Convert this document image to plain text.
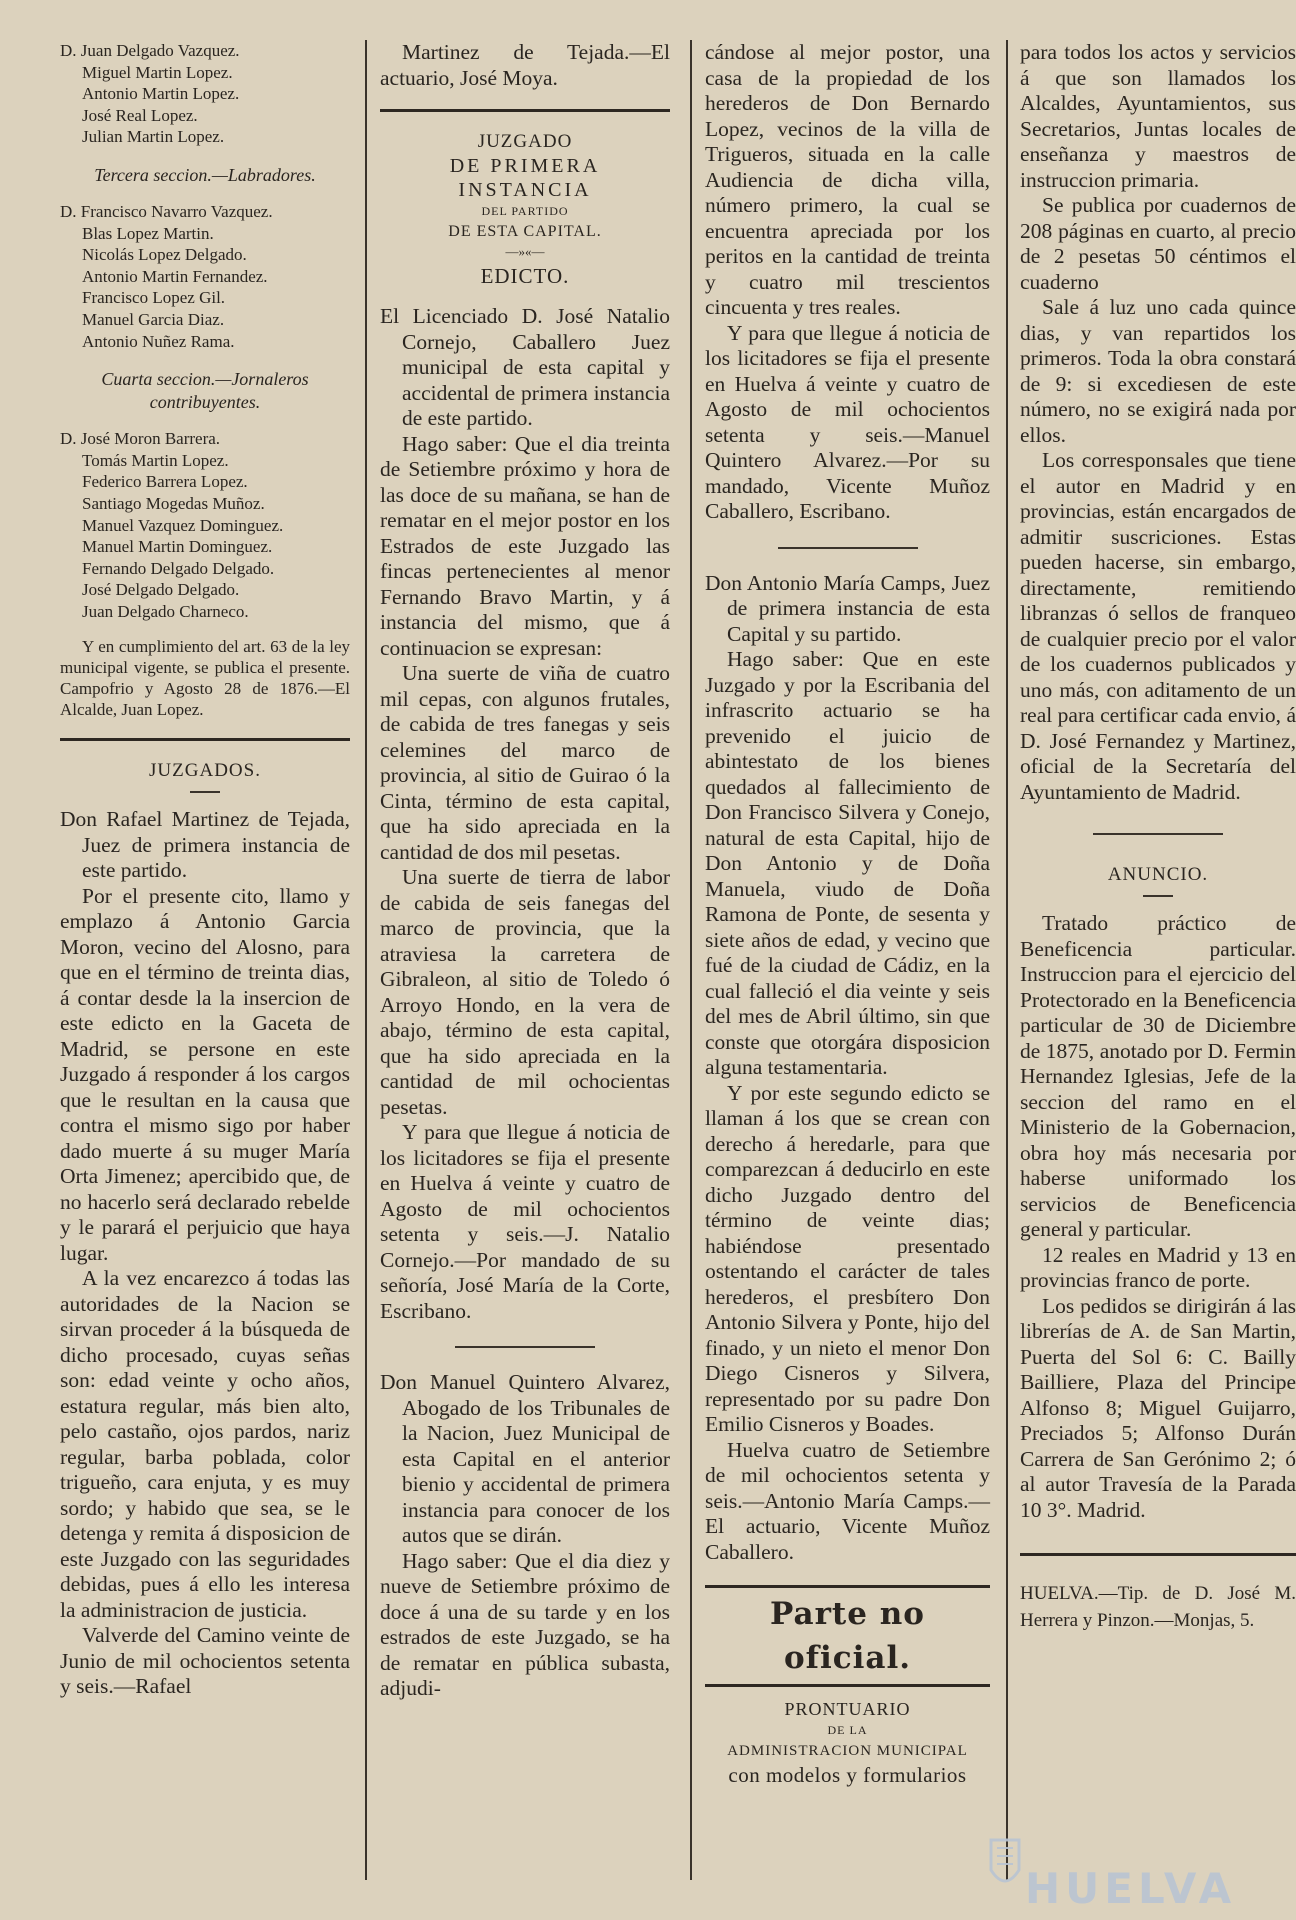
D. Juan Delgado Vazquez.

Miguel Martin Lopez.

Antonio Martin Lopez.

José Real Lopez.

Julian Martin Lopez.

Tercera seccion.—Labradores.

D. Francisco Navarro Vazquez.

Blas Lopez Martin.

Nicolás Lopez Delgado.

Antonio Martin Fernandez.

Francisco Lopez Gil.

Manuel Garcia Diaz.

Antonio Nuñez Rama.

Cuarta seccion.—Jornaleros contribuyentes.

D. José Moron Barrera.

Tomás Martin Lopez.

Federico Barrera Lopez.

Santiago Mogedas Muñoz.

Manuel Vazquez Dominguez.

Manuel Martin Dominguez.

Fernando Delgado Delgado.

José Delgado Delgado.

Juan Delgado Charneco.

Y en cumplimiento del art. 63 de la ley municipal vigente, se publica el presente. Campofrio y Agosto 28 de 1876.—El Alcalde, Juan Lopez.

JUZGADOS.

Don Rafael Martinez de Tejada, Juez de primera instancia de este partido.

Por el presente cito, llamo y emplazo á Antonio Garcia Moron, vecino del Alosno, para que en el término de treinta dias, á contar desde la la insercion de este edicto en la Gaceta de Madrid, se persone en este Juzgado á responder á los cargos que le resultan en la causa que contra el mismo sigo por haber dado muerte á su muger María Orta Jimenez; apercibido que, de no hacerlo será declarado rebelde y le parará el perjuicio que haya lugar.

A la vez encarezco á todas las autoridades de la Nacion se sirvan proceder á la búsqueda de dicho procesado, cuyas señas son: edad veinte y ocho años, estatura regular, más bien alto, pelo castaño, ojos pardos, nariz regular, barba poblada, color trigueño, cara enjuta, y es muy sordo; y habido que sea, se le detenga y remita á disposicion de este Juzgado con las seguridades debidas, pues á ello les interesa la administracion de justicia.

Valverde del Camino veinte de Junio de mil ochocientos setenta y seis.—Rafael

Martinez de Tejada.—El actuario, José Moya.

JUZGADO

DE PRIMERA INSTANCIA

DEL PARTIDO

DE ESTA CAPITAL.

—»«—

EDICTO.

El Licenciado D. José Natalio Cornejo, Caballero Juez municipal de esta capital y accidental de primera instancia de este partido.

Hago saber: Que el dia treinta de Setiembre próximo y hora de las doce de su mañana, se han de rematar en el mejor postor en los Estrados de este Juzgado las fincas pertenecientes al menor Fernando Bravo Martin, y á instancia del mismo, que á continuacion se expresan:

Una suerte de viña de cuatro mil cepas, con algunos frutales, de cabida de tres fanegas y seis celemines del marco de provincia, al sitio de Guirao ó la Cinta, término de esta capital, que ha sido apreciada en la cantidad de dos mil pesetas.

Una suerte de tierra de labor de cabida de seis fanegas del marco de provincia, que la atraviesa la carretera de Gibraleon, al sitio de Toledo ó Arroyo Hondo, en la vera de abajo, término de esta capital, que ha sido apreciada en la cantidad de mil ochocientas pesetas.

Y para que llegue á noticia de los licitadores se fija el presente en Huelva á veinte y cuatro de Agosto de mil ochocientos setenta y seis.—J. Natalio Cornejo.—Por mandado de su señoría, José María de la Corte, Escribano.

Don Manuel Quintero Alvarez, Abogado de los Tribunales de la Nacion, Juez Municipal de esta Capital en el anterior bienio y accidental de primera instancia para conocer de los autos que se dirán.

Hago saber: Que el dia diez y nueve de Setiembre próximo de doce á una de su tarde y en los estrados de este Juzgado, se ha de rematar en pública subasta, adjudi-

cándose al mejor postor, una casa de la propiedad de los herederos de Don Bernardo Lopez, vecinos de la villa de Trigueros, situada en la calle Audiencia de dicha villa, número primero, la cual se encuentra apreciada por los peritos en la cantidad de treinta y cuatro mil trescientos cincuenta y tres reales.

Y para que llegue á noticia de los licitadores se fija el presente en Huelva á veinte y cuatro de Agosto de mil ochocientos setenta y seis.—Manuel Quintero Alvarez.—Por su mandado, Vicente Muñoz Caballero, Escribano.

Don Antonio María Camps, Juez de primera instancia de esta Capital y su partido.

Hago saber: Que en este Juzgado y por la Escribania del infrascrito actuario se ha prevenido el juicio de abintestato de los bienes quedados al fallecimiento de Don Francisco Silvera y Conejo, natural de esta Capital, hijo de Don Antonio y de Doña Manuela, viudo de Doña Ramona de Ponte, de sesenta y siete años de edad, y vecino que fué de la ciudad de Cádiz, en la cual falleció el dia veinte y seis del mes de Abril último, sin que conste que otorgára disposicion alguna testamentaria.

Y por este segundo edicto se llaman á los que se crean con derecho á heredarle, para que comparezcan á deducirlo en este dicho Juzgado dentro del término de veinte dias; habiéndose presentado ostentando el carácter de tales herederos, el presbítero Don Antonio Silvera y Ponte, hijo del finado, y un nieto el menor Don Diego Cisneros y Silvera, representado por su padre Don Emilio Cisneros y Boades.

Huelva cuatro de Setiembre de mil ochocientos setenta y seis.—Antonio María Camps.—El actuario, Vicente Muñoz Caballero.

Parte no oficial.

PRONTUARIO

DE LA

ADMINISTRACION MUNICIPAL

con modelos y formularios

para todos los actos y servicios á que son llamados los Alcaldes, Ayuntamientos, sus Secretarios, Juntas locales de enseñanza y maestros de instruccion primaria.

Se publica por cuadernos de 208 páginas en cuarto, al precio de 2 pesetas 50 céntimos el cuaderno

Sale á luz uno cada quince dias, y van repartidos los primeros. Toda la obra constará de 9: si excediesen de este número, no se exigirá nada por ellos.

Los corresponsales que tiene el autor en Madrid y en provincias, están encargados de admitir suscriciones. Estas pueden hacerse, sin embargo, directamente, remitiendo libranzas ó sellos de franqueo de cualquier precio por el valor de los cuadernos publicados y uno más, con aditamento de un real para certificar cada envio, á D. José Fernandez y Martinez, oficial de la Secretaría del Ayuntamiento de Madrid.

ANUNCIO.

Tratado práctico de Beneficencia particular. Instruccion para el ejercicio del Protectorado en la Beneficencia particular de 30 de Diciembre de 1875, anotado por D. Fermin Hernandez Iglesias, Jefe de la seccion del ramo en el Ministerio de la Gobernacion, obra hoy más necesaria por haberse uniformado los servicios de Beneficencia general y particular.

12 reales en Madrid y 13 en provincias franco de porte.

Los pedidos se dirigirán á las librerías de A. de San Martin, Puerta del Sol 6: C. Bailly Bailliere, Plaza del Principe Alfonso 8; Miguel Guijarro, Preciados 5; Alfonso Durán Carrera de San Gerónimo 2; ó al autor Travesía de la Parada 10 3°. Madrid.

HUELVA.—Tip. de D. José M. Herrera y Pinzon.—Monjas, 5.

HUELVA
